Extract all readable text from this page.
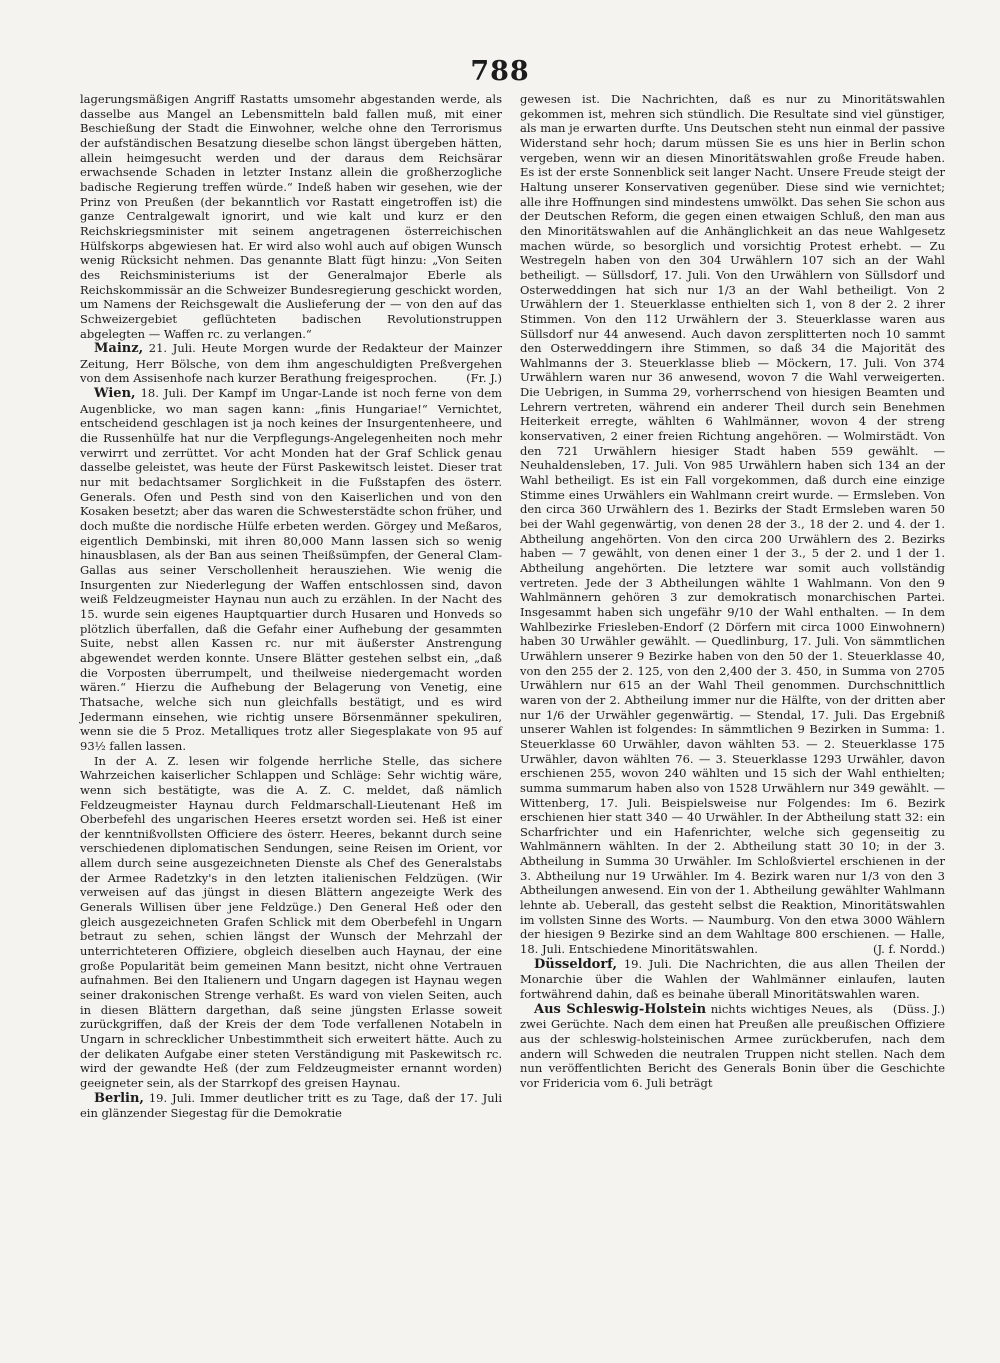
788

lagerungsmäßigen Angriff Rastatts umsomehr abgestanden werde, als dasselbe aus Mangel an Lebensmitteln bald fallen muß, mit einer Beschießung der Stadt die Einwohner, welche ohne den Terrorismus der aufständischen Besatzung dieselbe schon längst übergeben hätten, allein heimgesucht werden und der daraus dem Reichsärar erwachsende Schaden in letzter Instanz allein die großherzogliche badische Regierung treffen würde.“ Indeß haben wir gesehen, wie der Prinz von Preußen (der bekanntlich vor Rastatt eingetroffen ist) die ganze Centralgewalt ignorirt, und wie kalt und kurz er den Reichskriegsminister mit seinem angetragenen österreichischen Hülfskorps abgewiesen hat. Er wird also wohl auch auf obigen Wunsch wenig Rücksicht nehmen. Das genannte Blatt fügt hinzu: „Von Seiten des Reichsministeriums ist der Generalmajor Eberle als Reichskommissär an die Schweizer Bundesregierung geschickt worden, um Namens der Reichsgewalt die Auslieferung der — von den auf das Schweizergebiet geflüchteten badischen Revolutionstruppen abgelegten — Waffen rc. zu verlangen.“

Mainz, 21. Juli. Heute Morgen wurde der Redakteur der Mainzer Zeitung, Herr Bölsche, von dem ihm angeschuldigten Preßvergehen von dem Assisenhofe nach kurzer Berathung freigesprochen.	(Fr. J.)

Wien, 18. Juli. Der Kampf im Ungar-Lande ist noch ferne von dem Augenblicke, wo man sagen kann: „finis Hungariae!“ Vernichtet, entscheidend geschlagen ist ja noch keines der Insurgentenheere, und die Russenhülfe hat nur die Verpflegungs-Angelegenheiten noch mehr verwirrt und zerrüttet. Vor acht Monden hat der Graf Schlick genau dasselbe geleistet, was heute der Fürst Paskewitsch leistet. Dieser trat nur mit bedachtsamer Sorglichkeit in die Fußstapfen des österr. Generals. Ofen und Pesth sind von den Kaiserlichen und von den Kosaken besetzt; aber das waren die Schwesterstädte schon früher, und doch mußte die nordische Hülfe erbeten werden. Görgey und Meßaros, eigentlich Dembinski, mit ihren 80,000 Mann lassen sich so wenig hinausblasen, als der Ban aus seinen Theißsümpfen, der General Clam-Gallas aus seiner Verschollenheit herausziehen. Wie wenig die Insurgenten zur Niederlegung der Waffen entschlossen sind, davon weiß Feldzeugmeister Haynau nun auch zu erzählen. In der Nacht des 15. wurde sein eigenes Hauptquartier durch Husaren und Honveds so plötzlich überfallen, daß die Gefahr einer Aufhebung der gesammten Suite, nebst allen Kassen rc. nur mit äußerster Anstrengung abgewendet werden konnte. Unsere Blätter gestehen selbst ein, „daß die Vorposten überrumpelt, und theilweise niedergemacht worden wären.“ Hierzu die Aufhebung der Belagerung von Venetig, eine Thatsache, welche sich nun gleichfalls bestätigt, und es wird Jedermann einsehen, wie richtig unsere Börsenmänner spekuliren, wenn sie die 5 Proz. Metalliques trotz aller Siegesplakate von 95 auf 93½ fallen lassen.

In der A. Z. lesen wir folgende herrliche Stelle, das sichere Wahrzeichen kaiserlicher Schlappen und Schläge: Sehr wichtig wäre, wenn sich bestätigte, was die A. Z. C. meldet, daß nämlich Feldzeugmeister Haynau durch Feldmarschall-Lieutenant Heß im Oberbefehl des ungarischen Heeres ersetzt worden sei. Heß ist einer der kenntnißvollsten Officiere des österr. Heeres, bekannt durch seine verschiedenen diplomatischen Sendungen, seine Reisen im Orient, vor allem durch seine ausgezeichneten Dienste als Chef des Generalstabs der Armee Radetzky's in den letzten italienischen Feldzügen. (Wir verweisen auf das jüngst in diesen Blättern angezeigte Werk des Generals Willisen über jene Feldzüge.) Den General Heß oder den gleich ausgezeichneten Grafen Schlick mit dem Oberbefehl in Ungarn betraut zu sehen, schien längst der Wunsch der Mehrzahl der unterrichteteren Offiziere, obgleich dieselben auch Haynau, der eine große Popularität beim gemeinen Mann besitzt, nicht ohne Vertrauen aufnahmen. Bei den Italienern und Ungarn dagegen ist Haynau wegen seiner drakonischen Strenge verhaßt. Es ward von vielen Seiten, auch in diesen Blättern dargethan, daß seine jüngsten Erlasse soweit zurückgriffen, daß der Kreis der dem Tode verfallenen Notabeln in Ungarn in schrecklicher Unbestimmtheit sich erweitert hätte. Auch zu der delikaten Aufgabe einer steten Verständigung mit Paskewitsch rc. wird der gewandte Heß (der zum Feldzeugmeister ernannt worden) geeigneter sein, als der Starrkopf des greisen Haynau.

Berlin, 19. Juli. Immer deutlicher tritt es zu Tage, daß der 17. Juli ein glänzender Siegestag für die Demokratie

gewesen ist. Die Nachrichten, daß es nur zu Minoritätswahlen gekommen ist, mehren sich stündlich. Die Resultate sind viel günstiger, als man je erwarten durfte. Uns Deutschen steht nun einmal der passive Widerstand sehr hoch; darum müssen Sie es uns hier in Berlin schon vergeben, wenn wir an diesen Minoritätswahlen große Freude haben. Es ist der erste Sonnenblick seit langer Nacht. Unsere Freude steigt der Haltung unserer Konservativen gegenüber. Diese sind wie vernichtet; alle ihre Hoffnungen sind mindestens umwölkt. Das sehen Sie schon aus der Deutschen Reform, die gegen einen etwaigen Schluß, den man aus den Minoritätswahlen auf die Anhänglichkeit an das neue Wahlgesetz machen würde, so besorglich und vorsichtig Protest erhebt. — Zu Westregeln haben von den 304 Urwählern 107 sich an der Wahl betheiligt. — Süllsdorf, 17. Juli. Von den Urwählern von Süllsdorf und Osterweddingen hat sich nur 1/3 an der Wahl betheiligt. Von 2 Urwählern der 1. Steuerklasse enthielten sich 1, von 8 der 2. 2 ihrer Stimmen. Von den 112 Urwählern der 3. Steuerklasse waren aus Süllsdorf nur 44 anwesend. Auch davon zersplitterten noch 10 sammt den Osterweddingern ihre Stimmen, so daß 34 die Majorität des Wahlmanns der 3. Steuerklasse blieb — Möckern, 17. Juli. Von 374 Urwählern waren nur 36 anwesend, wovon 7 die Wahl verweigerten. Die Uebrigen, in Summa 29, vorherrschend von hiesigen Beamten und Lehrern vertreten, während ein anderer Theil durch sein Benehmen Heiterkeit erregte, wählten 6 Wahlmänner, wovon 4 der streng konservativen, 2 einer freien Richtung angehören. — Wolmirstädt. Von den 721 Urwählern hiesiger Stadt haben 559 gewählt. — Neuhaldensleben, 17. Juli. Von 985 Urwählern haben sich 134 an der Wahl betheiligt. Es ist ein Fall vorgekommen, daß durch eine einzige Stimme eines Urwählers ein Wahlmann creirt wurde. — Ermsleben. Von den circa 360 Urwählern des 1. Bezirks der Stadt Ermsleben waren 50 bei der Wahl gegenwärtig, von denen 28 der 3., 18 der 2. und 4. der 1. Abtheilung angehörten. Von den circa 200 Urwählern des 2. Bezirks haben — 7 gewählt, von denen einer 1 der 3., 5 der 2. und 1 der 1. Abtheilung angehörten. Die letztere war somit auch vollständig vertreten. Jede der 3 Abtheilungen wählte 1 Wahlmann. Von den 9 Wahlmännern gehören 3 zur demokratisch monarchischen Partei. Insgesammt haben sich ungefähr 9/10 der Wahl enthalten. — In dem Wahlbezirke Friesleben-Endorf (2 Dörfern mit circa 1000 Einwohnern) haben 30 Urwähler gewählt. — Quedlinburg, 17. Juli. Von sämmtlichen Urwählern unserer 9 Bezirke haben von den 50 der 1. Steuerklasse 40, von den 255 der 2. 125, von den 2,400 der 3. 450, in Summa von 2705 Urwählern nur 615 an der Wahl Theil genommen. Durchschnittlich waren von der 2. Abtheilung immer nur die Hälfte, von der dritten aber nur 1/6 der Urwähler gegenwärtig. — Stendal, 17. Juli. Das Ergebniß unserer Wahlen ist folgendes: In sämmtlichen 9 Bezirken in Summa: 1. Steuerklasse 60 Urwähler, davon wählten 53. — 2. Steuerklasse 175 Urwähler, davon wählten 76. — 3. Steuerklasse 1293 Urwähler, davon erschienen 255, wovon 240 wählten und 15 sich der Wahl enthielten; summa summarum haben also von 1528 Urwählern nur 349 gewählt. — Wittenberg, 17. Juli. Beispielsweise nur Folgendes: Im 6. Bezirk erschienen hier statt 340 — 40 Urwähler. In der Abtheilung statt 32: ein Scharfrichter und ein Hafenrichter, welche sich gegenseitig zu Wahlmännern wählten. In der 2. Abtheilung statt 30 10; in der 3. Abtheilung in Summa 30 Urwähler. Im Schloßviertel erschienen in der 3. Abtheilung nur 19 Urwähler. Im 4. Bezirk waren nur 1/3 von den 3 Abtheilungen anwesend. Ein von der 1. Abtheilung gewählter Wahlmann lehnte ab. Ueberall, das gesteht selbst die Reaktion, Minoritätswahlen im vollsten Sinne des Worts. — Naumburg. Von den etwa 3000 Wählern der hiesigen 9 Bezirke sind an dem Wahltage 800 erschienen. — Halle, 18. Juli. Entschiedene Minoritätswahlen.	(J. f. Nordd.)

Düsseldorf, 19. Juli. Die Nachrichten, die aus allen Theilen der Monarchie über die Wahlen der Wahlmänner einlaufen, lauten fortwährend dahin, daß es beinahe überall Minoritätswahlen waren.
(Düss. J.)

Aus Schleswig-Holstein nichts wichtiges Neues, als zwei Gerüchte. Nach dem einen hat Preußen alle preußischen Offiziere aus der schleswig-holsteinischen Armee zurückberufen, nach dem andern will Schweden die neutralen Truppen nicht stellen. Nach dem nun veröffentlichten Bericht des Generals Bonin über die Geschichte vor Fridericia vom 6. Juli beträgt
